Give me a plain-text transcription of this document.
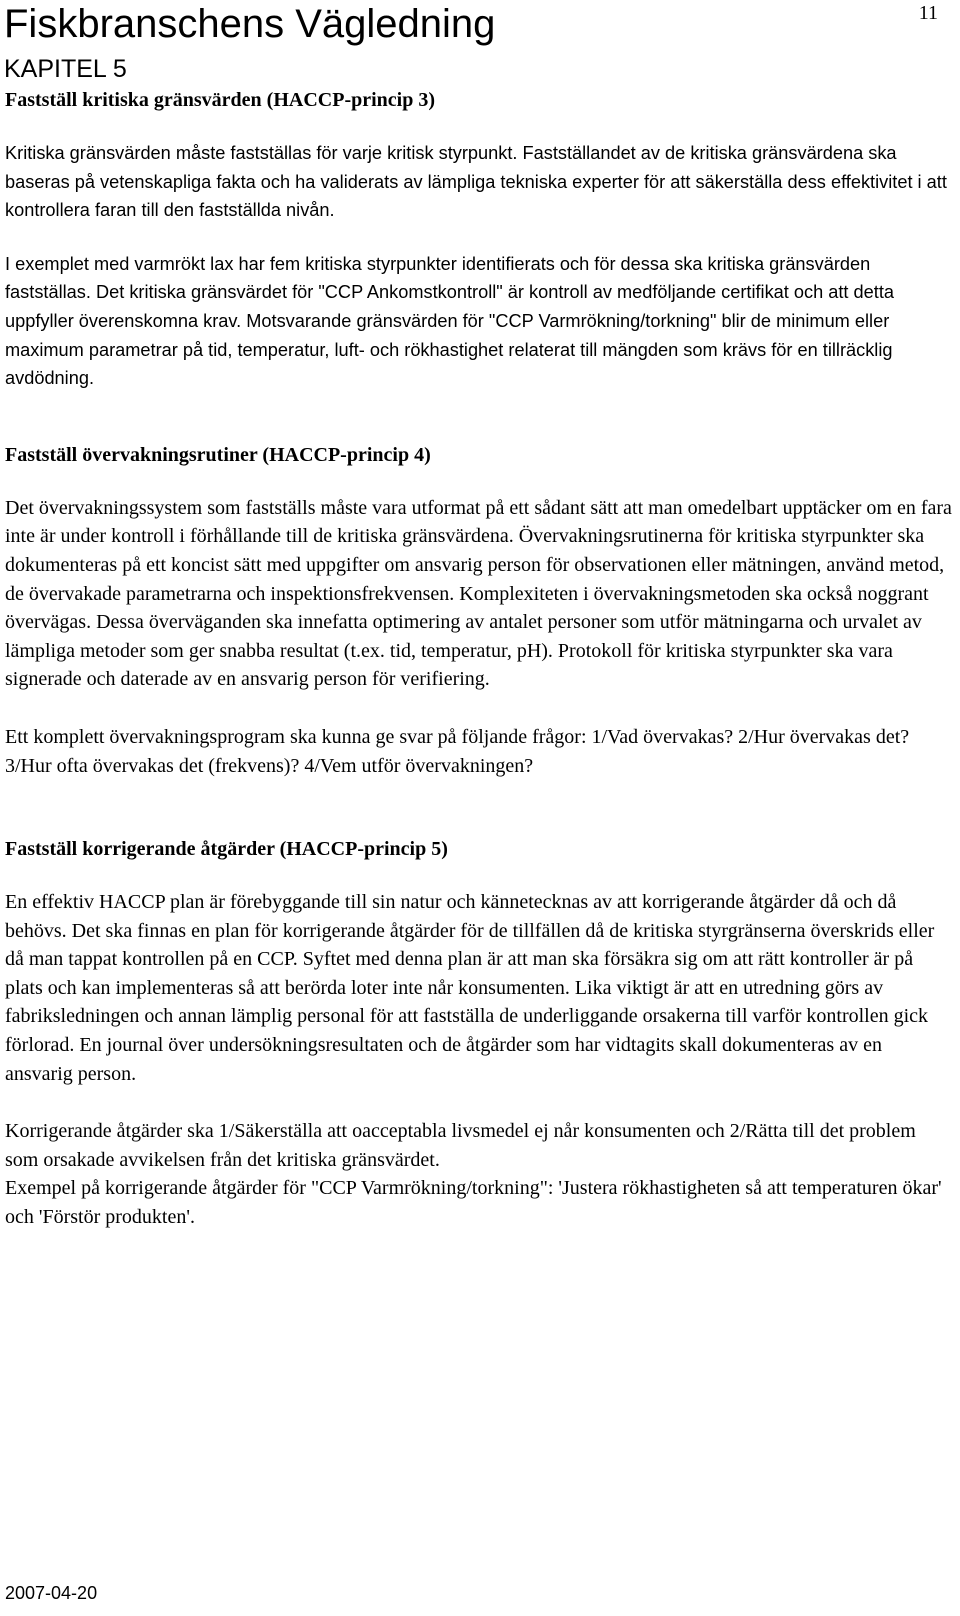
Fiskbranschens Vägledning	11
KAPITEL 5
Fastställ kritiska gränsvärden (HACCP-princip 3)

Kritiska gränsvärden måste fastställas för varje kritisk styrpunkt. Fastställandet av de kritiska gränsvärdena ska baseras på vetenskapliga fakta och ha validerats av lämpliga tekniska experter för att säkerställa dess effektivitet i att kontrollera faran till den fastställda nivån.

I exemplet med varmrökt lax har fem kritiska styrpunkter identifierats och för dessa ska kritiska gränsvärden fastställas. Det kritiska gränsvärdet för "CCP Ankomstkontroll" är kontroll av medföljande certifikat och att detta uppfyller överenskomna krav. Motsvarande gränsvärden för "CCP Varmrökning/torkning" blir de minimum eller maximum parametrar på tid, temperatur, luft- och rökhastighet relaterat till mängden som krävs för en tillräcklig avdödning.

Fastställ övervakningsrutiner (HACCP-princip 4)

Det övervakningssystem som fastställs måste vara utformat på ett sådant sätt att man omedelbart upptäcker om en fara inte är under kontroll i förhållande till de kritiska gränsvärdena. Övervakningsrutinerna för kritiska styrpunkter ska dokumenteras på ett koncist sätt med uppgifter om ansvarig person för observationen eller mätningen, använd metod, de övervakade parametrarna och inspektionsfrekvensen. Komplexiteten i övervakningsmetoden ska också noggrant övervägas. Dessa överväganden ska innefatta optimering av antalet personer som utför mätningarna och urvalet av lämpliga metoder som ger snabba resultat (t.ex. tid, temperatur, pH). Protokoll för kritiska styrpunkter ska vara signerade och daterade av en ansvarig person för verifiering.

Ett komplett övervakningsprogram ska kunna ge svar på följande frågor: 1/Vad övervakas? 2/Hur övervakas det? 3/Hur ofta övervakas det (frekvens)? 4/Vem utför övervakningen?

Fastställ korrigerande åtgärder (HACCP-princip 5)

En effektiv HACCP plan är förebyggande till sin natur och kännetecknas av att korrigerande åtgärder då och då behövs. Det ska finnas en plan för korrigerande åtgärder för de tillfällen då de kritiska styrgränserna överskrids eller då man tappat kontrollen på en CCP. Syftet med denna plan är att man ska försäkra sig om att rätt kontroller är på plats och kan implementeras så att berörda loter inte når konsumenten. Lika viktigt är att en utredning görs av fabriksledningen och annan lämplig personal för att fastställa de underliggande orsakerna till varför kontrollen gick förlorad. En journal över undersökningsresultaten och de åtgärder som har vidtagits skall dokumenteras av en ansvarig person.

Korrigerande åtgärder ska 1/Säkerställa att oacceptabla livsmedel ej når konsumenten och 2/Rätta till det problem som orsakade avvikelsen från det kritiska gränsvärdet.

Exempel på korrigerande åtgärder för "CCP Varmrökning/torkning": 'Justera rökhastigheten så att temperaturen ökar' och 'Förstör produkten'.

2007-04-20
